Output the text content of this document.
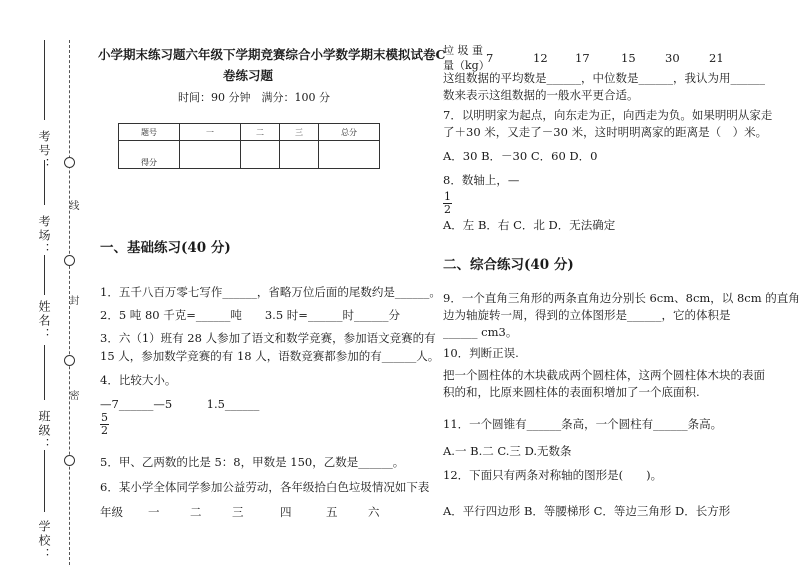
线
封
密
考号：
考场：
姓名：
班级：
学校：
小学期末练习题六年级下学期竞赛综合小学数学期末模拟试卷C
卷练习题
时间：90 分钟　满分：100 分
题号	一	二	三	总分
得分				
一、基础练习(40 分)
1．五千八百万零七写作______，省略万位后面的尾数约是______。
2．5 吨 80 千克=______吨　　3.5 时=______时______分
3．六（1）班有 28 人参加了语文和数学竞赛，参加语文竞赛的有
15 人，参加数学竞赛的有 18 人，语数竞赛都参加的有______人。
4．比较大小。
—7______—5　　　1.5______
$\frac{5}{2}$
5．甲、乙两数的比是 5：8，甲数是 150，乙数是______。
6．某小学全体同学参加公益劳动，各年级拾白色垃圾情况如下表
年级 一	二	三	四	五	六
垃 圾 重
量（kg）
7	12 17	15	30	21
这组数据的平均数是______，中位数是______，我认为用______
数来表示这组数据的一般水平更合适。
7．以明明家为起点，向东走为正，向西走为负。如果明明从家走
了＋30 米，又走了－30 米，这时明明离家的距离是（　）米。
A．30 B．－30 C．60 D．0
8．数轴上，—
$\frac{1}{2}$
A．左 B．右 C．北 D．无法确定
二、综合练习(40 分)
9．一个直角三角形的两条直角边分别长 6cm、8cm，以 8cm 的直角
边为轴旋转一周，得到的立体图形是______，它的体积是
______ cm3。
10．判断正误.
把一个圆柱体的木块截成两个圆柱体，这两个圆柱体木块的表面
积的和，比原来圆柱体的表面积增加了一个底面积.
11．一个圆锥有______条高，一个圆柱有______条高。
A.一 B.二 C.三 D.无数条
12．下面只有两条对称轴的图形是(　　)。
A．平行四边形 B．等腰梯形 C．等边三角形 D．长方形
